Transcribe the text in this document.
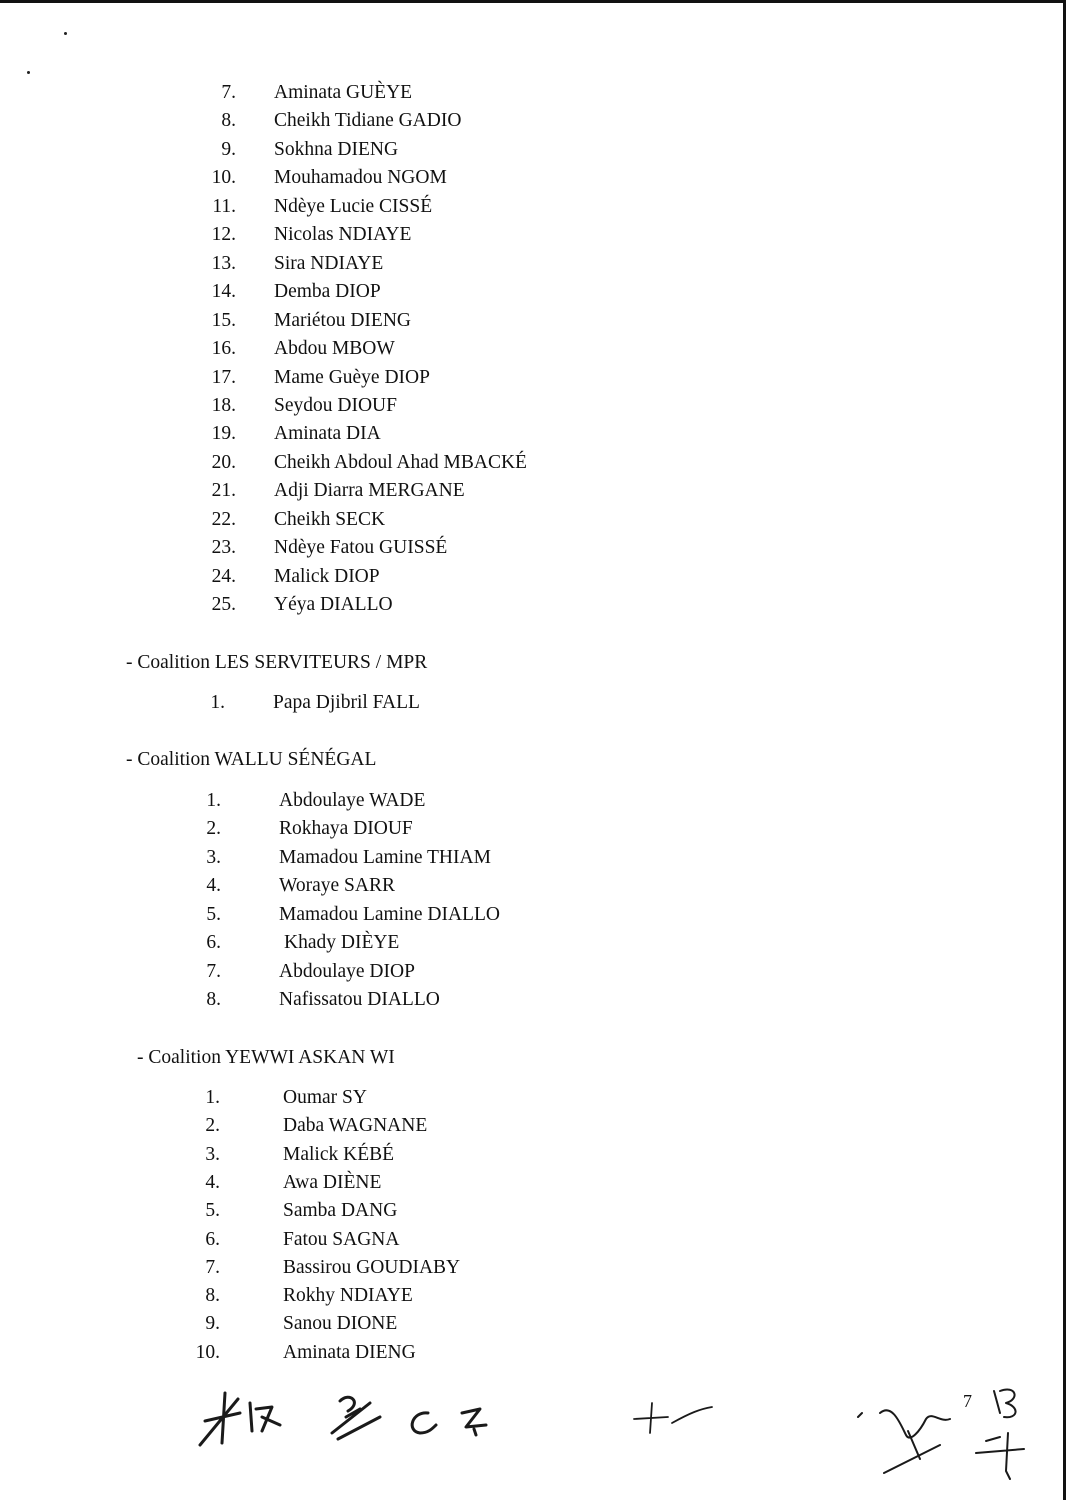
7. Aminata GUÈYE
8. Cheikh Tidiane GADIO
9. Sokhna DIENG
10. Mouhamadou NGOM
11. Ndèye Lucie CISSÉ
12. Nicolas NDIAYE
13. Sira NDIAYE
14. Demba DIOP
15. Mariétou DIENG
16. Abdou MBOW
17. Mame Guèye DIOP
18. Seydou DIOUF
19. Aminata DIA
20. Cheikh Abdoul Ahad MBACKÉ
21. Adji Diarra MERGANE
22. Cheikh SECK
23. Ndèye Fatou GUISSÉ
24. Malick DIOP
25. Yéya DIALLO
- Coalition LES SERVITEURS / MPR
1. Papa Djibril FALL
- Coalition WALLU SÉNÉGAL
1.	Abdoulaye WADE
2.	Rokhaya DIOUF
3.	Mamadou Lamine THIAM
4.	Woraye SARR
5.	Mamadou Lamine DIALLO
6.	Khady DIÈYE
7.	Abdoulaye DIOP
8.	Nafissatou DIALLO
- Coalition YEWWI ASKAN WI
1.	Oumar SY
2.	Daba WAGNANE
3.	Malick KÉBÉ
4.	Awa DIÈNE
5.	Samba DANG
6.	Fatou SAGNA
7.	Bassirou GOUDIABY
8.	Rokhy NDIAYE
9.	Sanou DIONE
10.	Aminata DIENG
7
